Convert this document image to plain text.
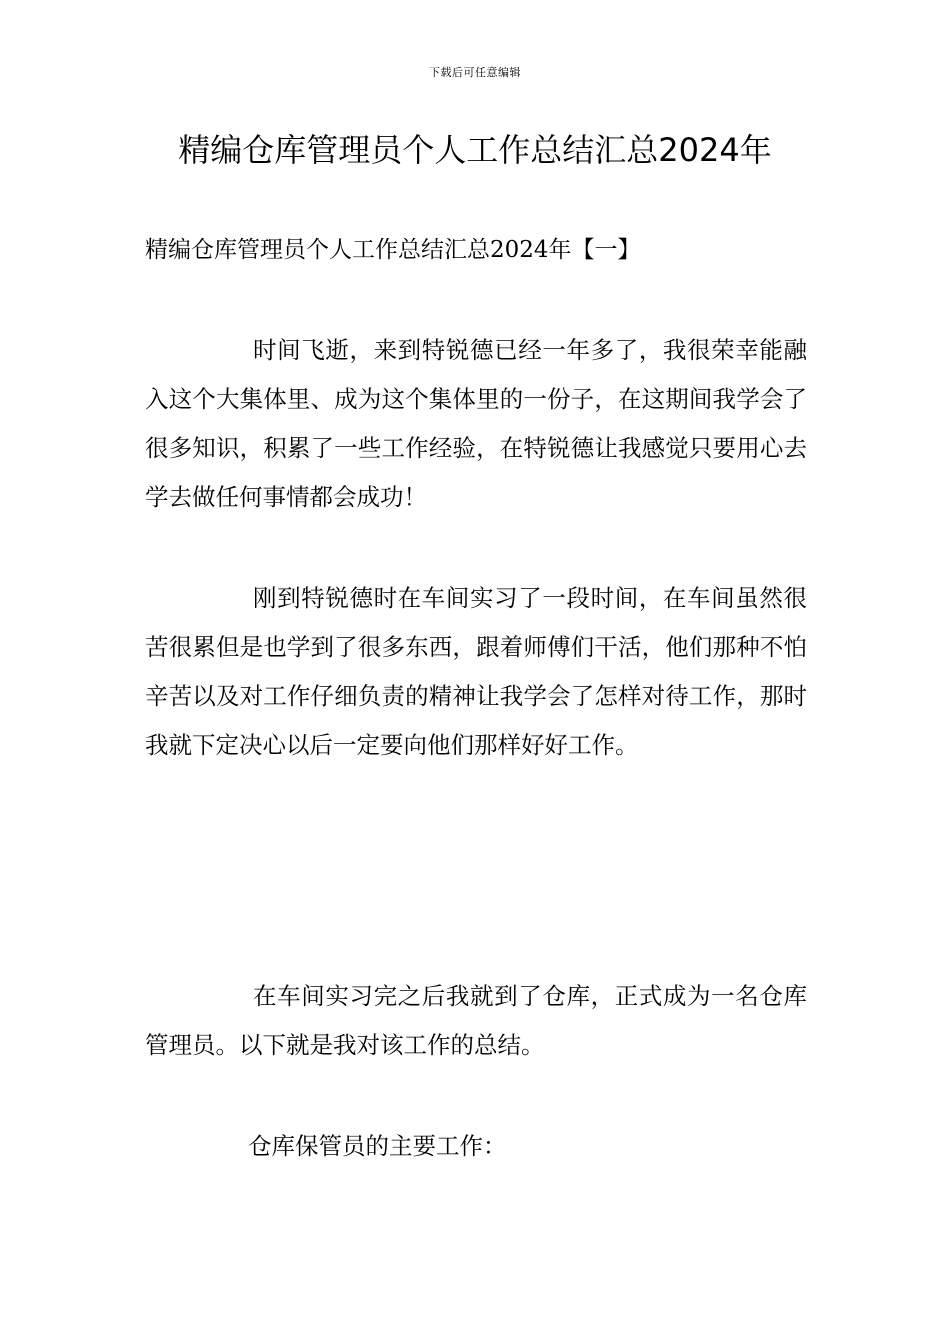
下载后可任意编辑
精编仓库管理员个人工作总结汇总2024年
精编仓库管理员个人工作总结汇总2024年【一】

时间飞逝，来到特锐德已经一年多了，我很荣幸能融入这个大集体里、成为这个集体里的一份子，在这期间我学会了很多知识，积累了一些工作经验，在特锐德让我感觉只要用心去学去做任何事情都会成功！

刚到特锐德时在车间实习了一段时间，在车间虽然很苦很累但是也学到了很多东西，跟着师傅们干活，他们那种不怕辛苦以及对工作仔细负责的精神让我学会了怎样对待工作，那时我就下定决心以后一定要向他们那样好好工作。

在车间实习完之后我就到了仓库，正式成为一名仓库管理员。以下就是我对该工作的总结。

仓库保管员的主要工作：
